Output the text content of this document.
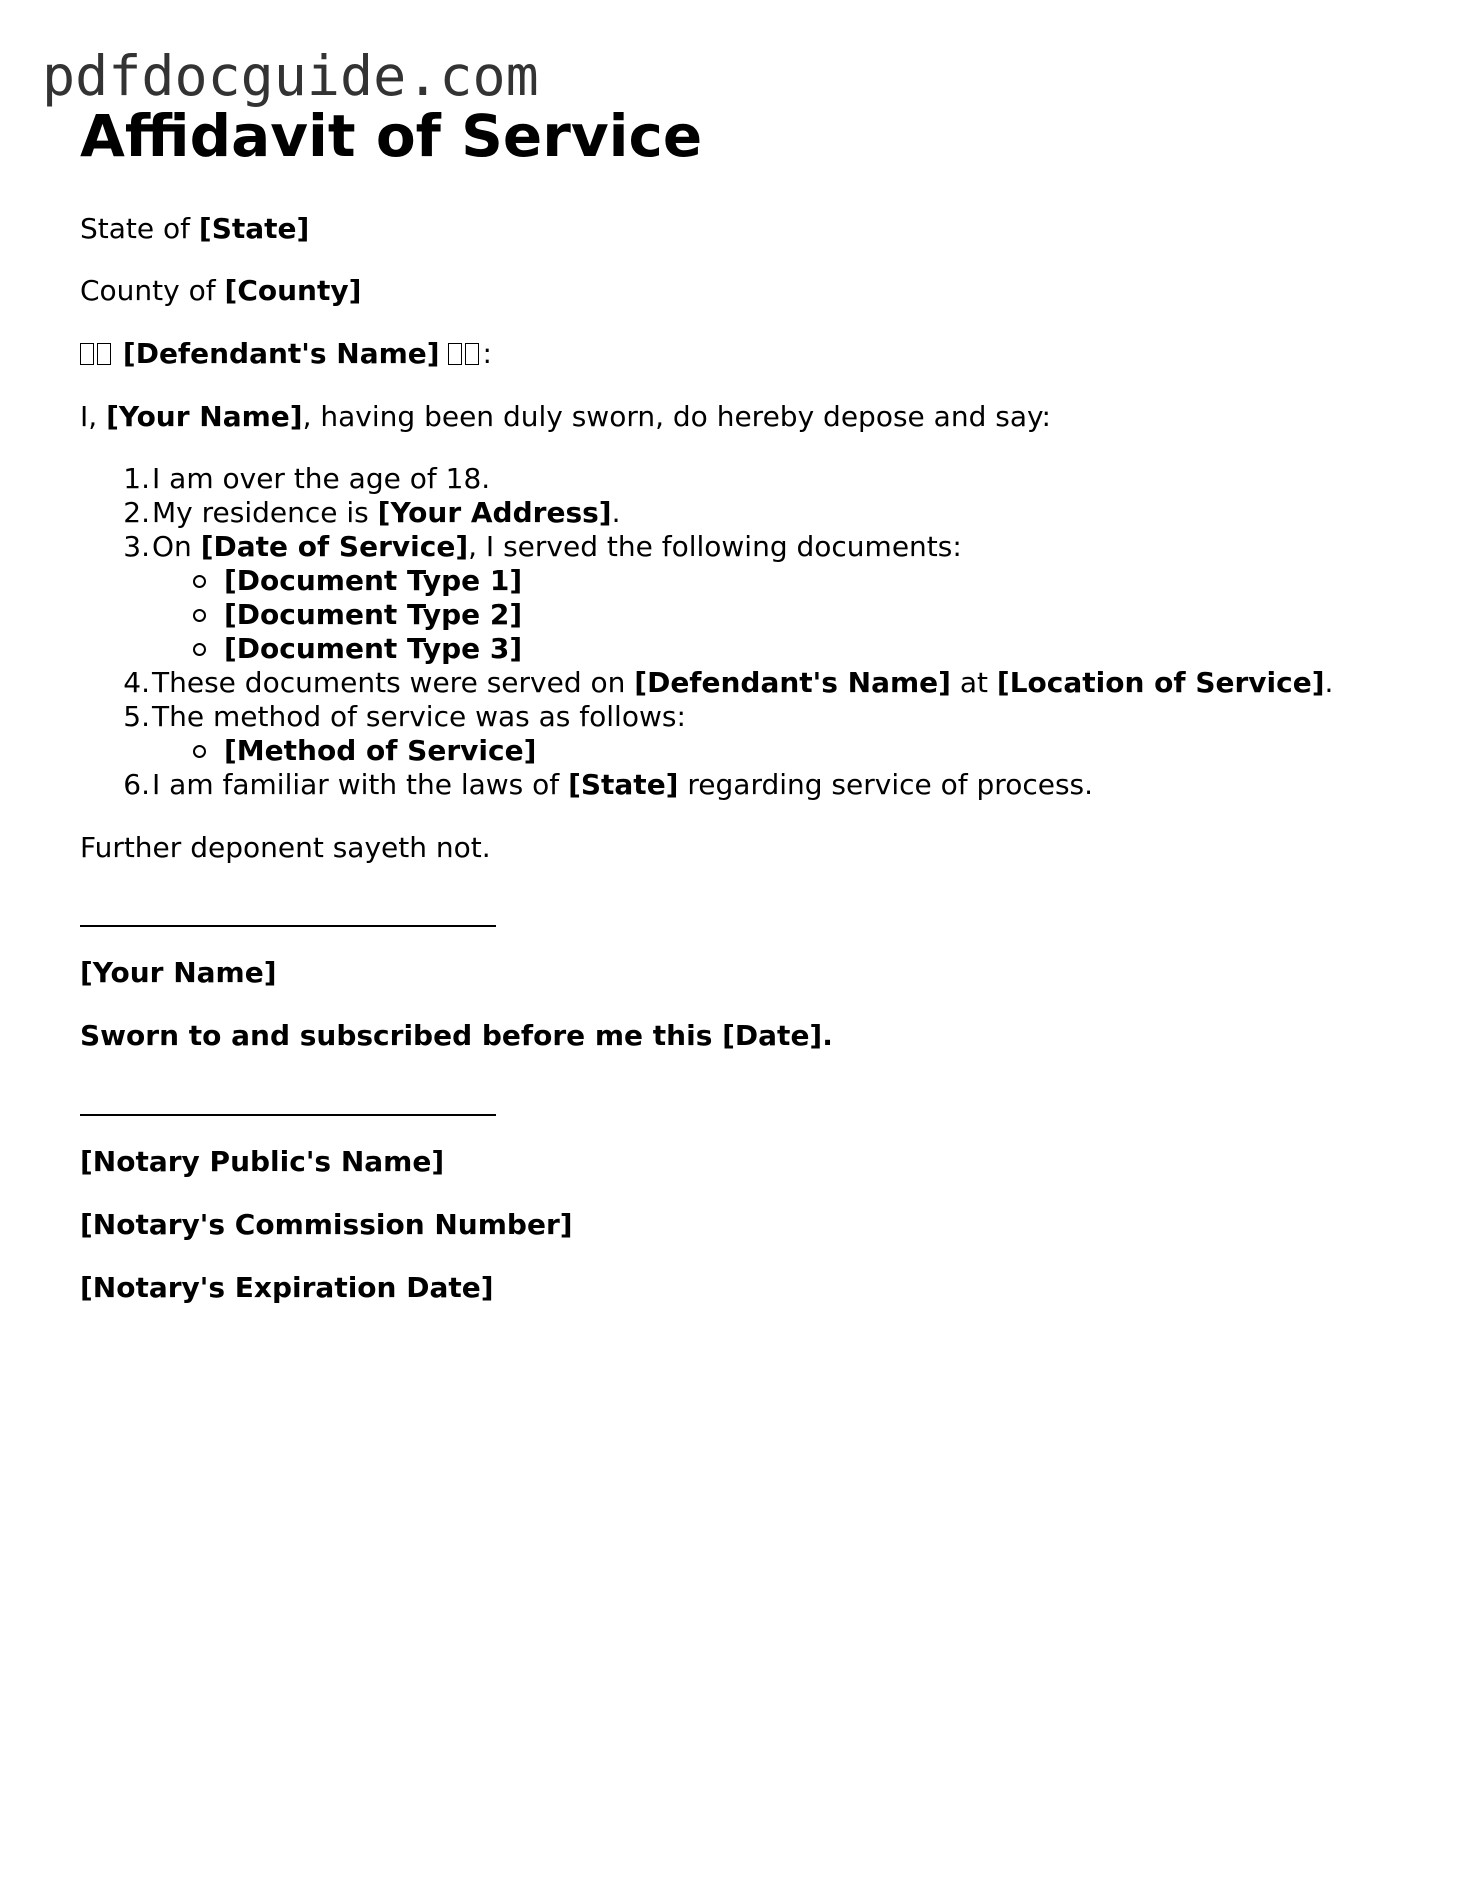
pdfdocguide.com
Affidavit of Service
State of [State]
County of [County]
[Defendant's Name] :
I, [Your Name], having been duly sworn, do hereby depose and say:
1. I am over the age of 18.
2. My residence is [Your Address].
3. On [Date of Service], I served the following documents:
[Document Type 1]
[Document Type 2]
[Document Type 3]
4. These documents were served on [Defendant's Name] at [Location of Service].
5. The method of service was as follows:
[Method of Service]
6. I am familiar with the laws of [State] regarding service of process.
Further deponent sayeth not.
[Your Name]
Sworn to and subscribed before me this [Date].
[Notary Public's Name]
[Notary's Commission Number]
[Notary's Expiration Date]
